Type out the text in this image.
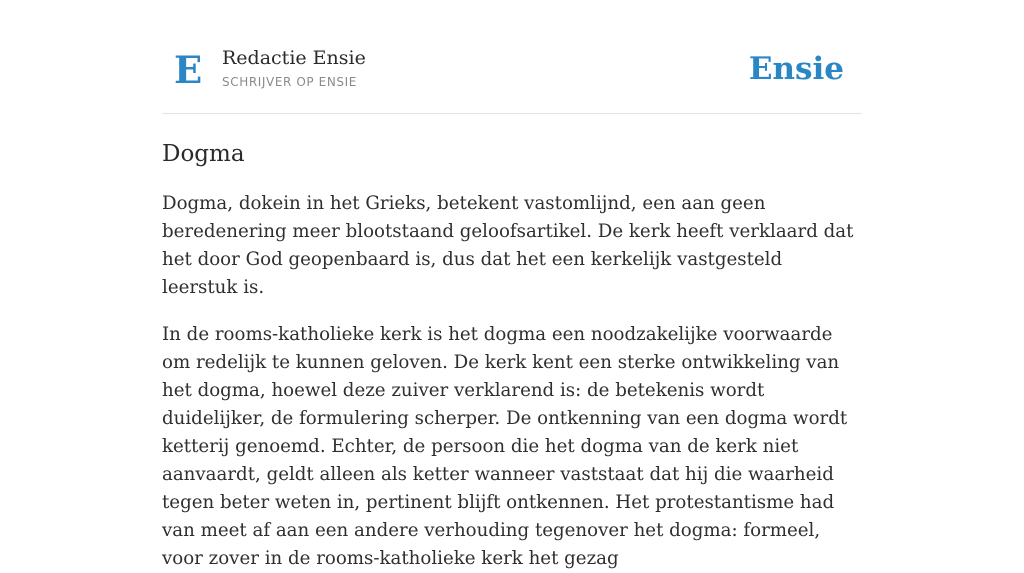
E Redactie Ensie
SCHRIJVER OP ENSIE	Ensie
Dogma

Dogma, dokein in het Grieks, betekent vastomlijnd, een aan geen beredenering meer blootstaand geloofsartikel. De kerk heeft verklaard dat het door God geopenbaard is, dus dat het een kerkelijk vastgesteld leerstuk is.

In de rooms-katholieke kerk is het dogma een noodzakelijke voorwaarde om redelijk te kunnen geloven. De kerk kent een sterke ontwikkeling van het dogma, hoewel deze zuiver verklarend is: de betekenis wordt duidelijker, de formulering scherper. De ontkenning van een dogma wordt ketterij genoemd. Echter, de persoon die het dogma van de kerk niet aanvaardt, geldt alleen als ketter wanneer vaststaat dat hij die waarheid tegen beter weten in, pertinent blijft ontkennen. Het protestantisme had van meet af aan een andere verhouding tegenover het dogma: formeel, voor zover in de rooms-katholieke kerk het gezag
